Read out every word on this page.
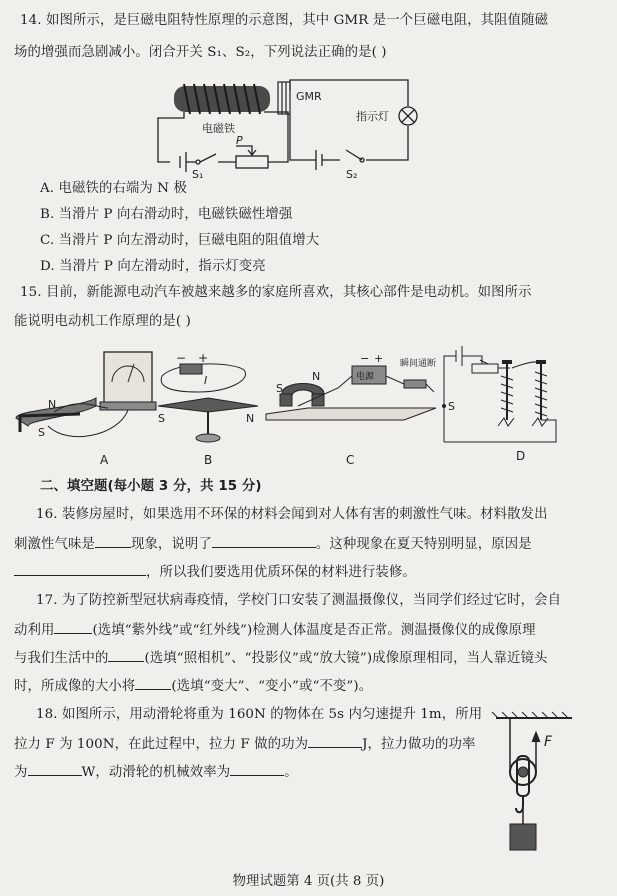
14. 如图所示，是巨磁电阻特性原理的示意图，其中 GMR 是一个巨磁电阻，其阻值随磁
场的增强而急剧减小。闭合开关 S₁、S₂，下列说法正确的是( )
电磁铁
P
S₁
GMR
指示灯
S₂
A. 电磁铁的右端为 N 极
B. 当滑片 P 向右滑动时，电磁铁磁性增强
C. 当滑片 P 向左滑动时，巨磁电阻的阻值增大
D. 当滑片 P 向左滑动时，指示灯变亮
15. 目前，新能源电动汽车被越来越多的家庭所喜欢，其核心部件是电动机。如图所示
能说明电动机工作原理的是( )
N
S
A
− +
I
S	N
B
N
S
电源
− + 瞬间通断
C
S
D
二、填空题(每小题 3 分，共 15 分)
16. 装修房屋时，如果选用不环保的材料会闻到对人体有害的刺激性气味。材料散发出
刺激性气味是	现象，说明了	。这种现象在夏天特别明显，原因是
，所以我们要选用优质环保的材料进行装修。
17. 为了防控新型冠状病毒疫情，学校门口安装了测温摄像仪，当同学们经过它时，会自
动利用	(选填“紫外线”或“红外线”)检测人体温度是否正常。测温摄像仪的成像原理
与我们生活中的	(选填“照相机”、“投影仪”或“放大镜”)成像原理相同，当人靠近镜头
时，所成像的大小将	(选填“变大”、“变小”或“不变”)。
18. 如图所示，用动滑轮将重为 160N 的物体在 5s 内匀速提升 1m，所用
拉力 F 为 100N，在此过程中，拉力 F 做的功为	J，拉力做功的功率
为	W，动滑轮的机械效率为	。
F
物理试题第 4 页(共 8 页)
